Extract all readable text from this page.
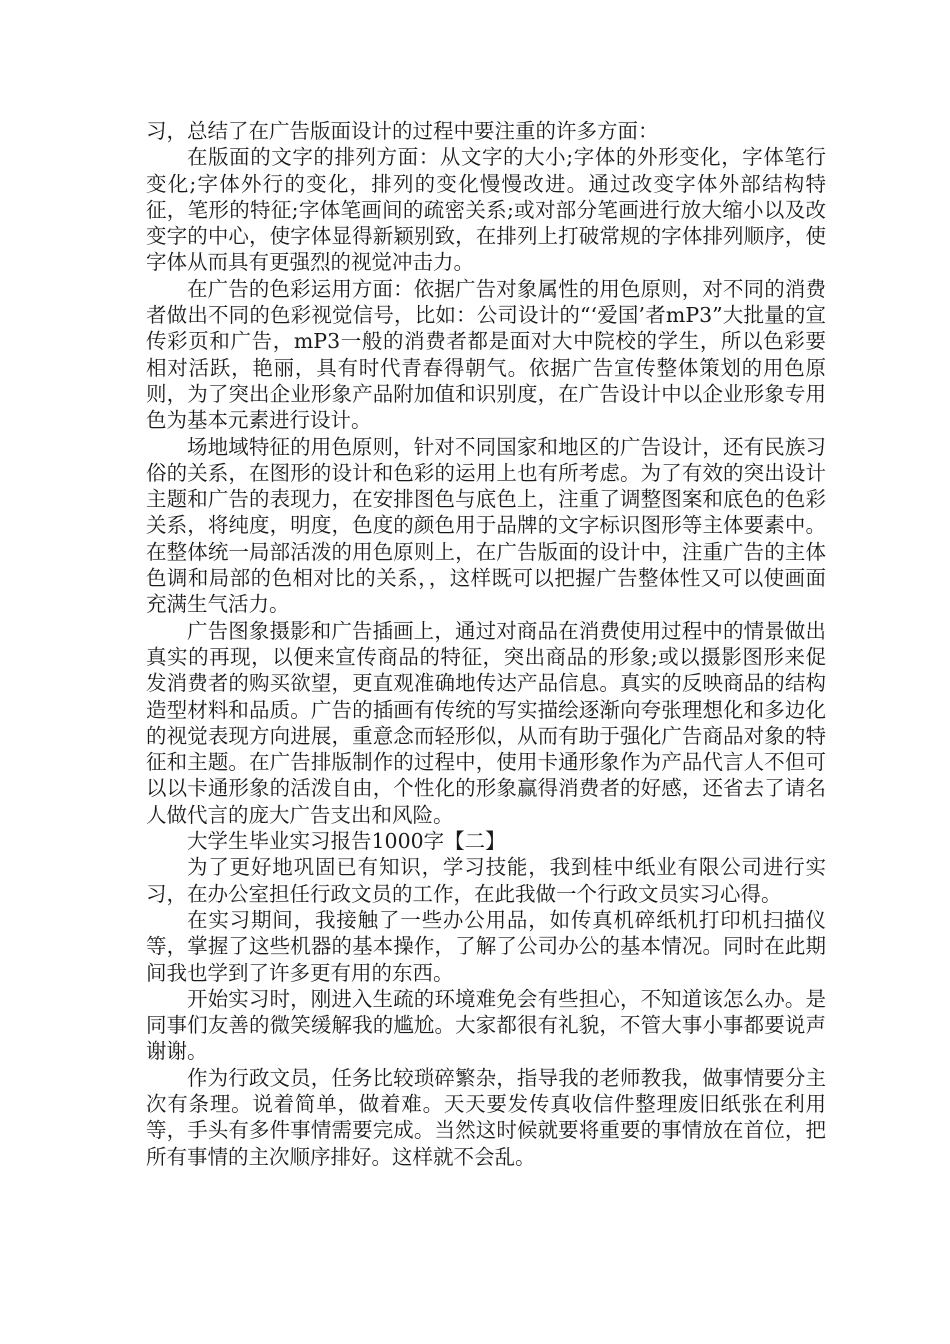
习，总结了在广告版面设计的过程中要注重的许多方面：

在版面的文字的排列方面：从文字的大小;字体的外形变化，字体笔行变化;字体外行的变化，排列的变化慢慢改进。通过改变字体外部结构特征，笔形的特征;字体笔画间的疏密关系;或对部分笔画进行放大缩小以及改变字的中心，使字体显得新颖别致，在排列上打破常规的字体排列顺序，使字体从而具有更强烈的视觉冲击力。

在广告的色彩运用方面：依据广告对象属性的用色原则，对不同的消费者做出不同的色彩视觉信号，比如：公司设计的“‘爱国’者mP3”大批量的宣传彩页和广告，mP3一般的消费者都是面对大中院校的学生，所以色彩要相对活跃，艳丽，具有时代青春得朝气。依据广告宣传整体策划的用色原则，为了突出企业形象产品附加值和识别度，在广告设计中以企业形象专用色为基本元素进行设计。

场地域特征的用色原则，针对不同国家和地区的广告设计，还有民族习俗的关系，在图形的设计和色彩的运用上也有所考虑。为了有效的突出设计主题和广告的表现力，在安排图色与底色上，注重了调整图案和底色的色彩关系，将纯度，明度，色度的颜色用于品牌的文字标识图形等主体要素中。在整体统一局部活泼的用色原则上，在广告版面的设计中，注重广告的主体色调和局部的色相对比的关系，，这样既可以把握广告整体性又可以使画面充满生气活力。

广告图象摄影和广告插画上，通过对商品在消费使用过程中的情景做出真实的再现，以便来宣传商品的特征，突出商品的形象;或以摄影图形来促发消费者的购买欲望，更直观准确地传达产品信息。真实的反映商品的结构造型材料和品质。广告的插画有传统的写实描绘逐渐向夸张理想化和多边化的视觉表现方向进展，重意念而轻形似，从而有助于强化广告商品对象的特征和主题。在广告排版制作的过程中，使用卡通形象作为产品代言人不但可以以卡通形象的活泼自由，个性化的形象赢得消费者的好感，还省去了请名人做代言的庞大广告支出和风险。

大学生毕业实习报告1000字【二】

为了更好地巩固已有知识，学习技能，我到桂中纸业有限公司进行实习，在办公室担任行政文员的工作，在此我做一个行政文员实习心得。

在实习期间，我接触了一些办公用品，如传真机碎纸机打印机扫描仪等，掌握了这些机器的基本操作，了解了公司办公的基本情况。同时在此期间我也学到了许多更有用的东西。

开始实习时，刚进入生疏的环境难免会有些担心，不知道该怎么办。是同事们友善的微笑缓解我的尴尬。大家都很有礼貌，不管大事小事都要说声谢谢。

作为行政文员，任务比较琐碎繁杂，指导我的老师教我，做事情要分主次有条理。说着简单，做着难。天天要发传真收信件整理废旧纸张在利用等，手头有多件事情需要完成。当然这时候就要将重要的事情放在首位，把所有事情的主次顺序排好。这样就不会乱。
